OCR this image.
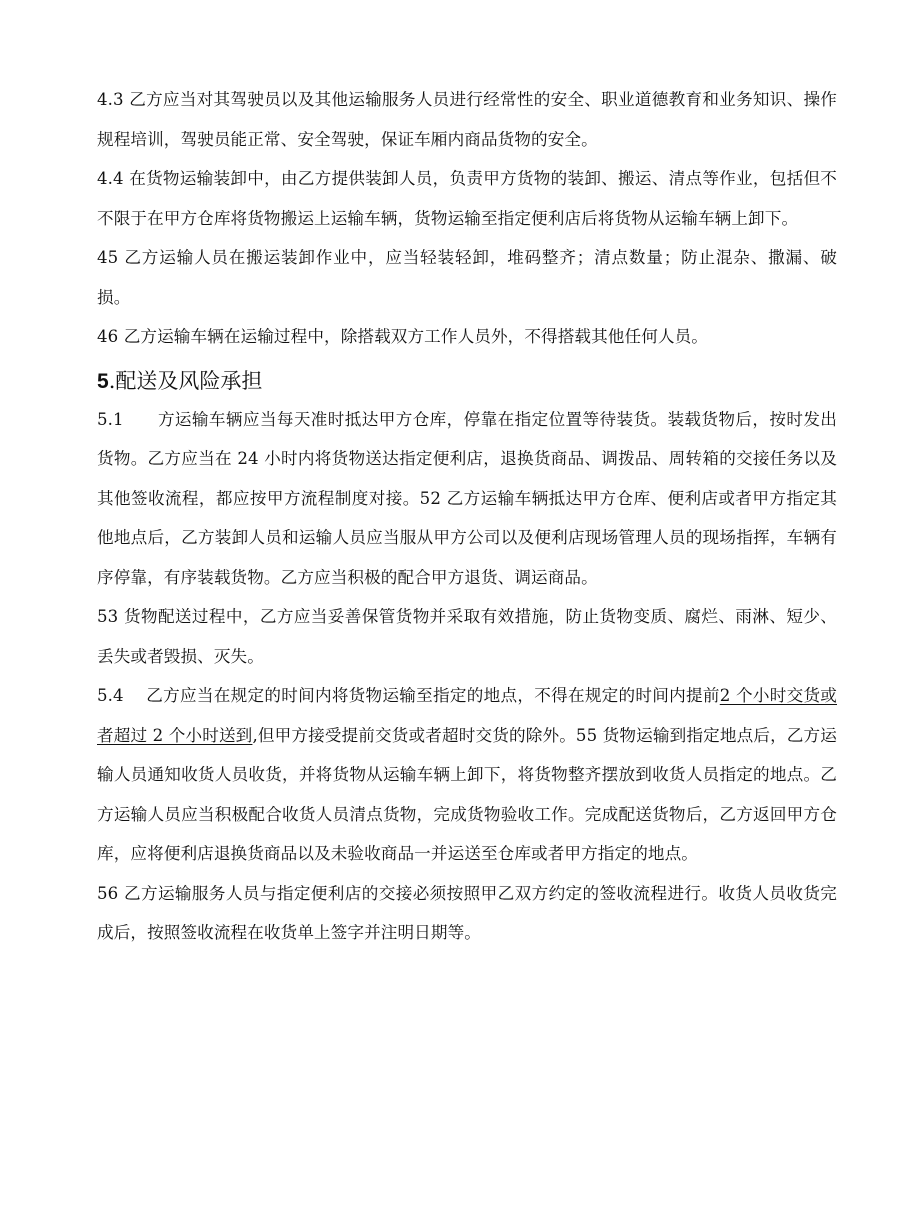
4.3 乙方应当对其驾驶员以及其他运输服务人员进行经常性的安全、职业道德教育和业务知识、操作规程培训，驾驶员能正常、安全驾驶，保证车厢内商品货物的安全。

4.4 在货物运输装卸中，由乙方提供装卸人员，负责甲方货物的装卸、搬运、清点等作业，包括但不不限于在甲方仓库将货物搬运上运输车辆，货物运输至指定便利店后将货物从运输车辆上卸下。

45 乙方运输人员在搬运装卸作业中，应当轻装轻卸，堆码整齐；清点数量；防止混杂、撒漏、破损。

46 乙方运输车辆在运输过程中，除搭载双方工作人员外，不得搭载其他任何人员。

5.配送及风险承担

5.1　　方运输车辆应当每天准时抵达甲方仓库，停靠在指定位置等待装货。装载货物后，按时发出货物。乙方应当在 24 小时内将货物送达指定便利店，退换货商品、调拨品、周转箱的交接任务以及其他签收流程，都应按甲方流程制度对接。52 乙方运输车辆抵达甲方仓库、便利店或者甲方指定其他地点后，乙方装卸人员和运输人员应当服从甲方公司以及便利店现场管理人员的现场指挥，车辆有序停靠，有序装载货物。乙方应当积极的配合甲方退货、调运商品。

53 货物配送过程中，乙方应当妥善保管货物并采取有效措施，防止货物变质、腐烂、雨淋、短少、丢失或者毁损、灭失。

5.4　 乙方应当在规定的时间内将货物运输至指定的地点，不得在规定的时间内提前2 个小时交货或者超过 2 个小时送到,但甲方接受提前交货或者超时交货的除外。55 货物运输到指定地点后，乙方运输人员通知收货人员收货，并将货物从运输车辆上卸下，将货物整齐摆放到收货人员指定的地点。乙方运输人员应当积极配合收货人员清点货物，完成货物验收工作。完成配送货物后，乙方返回甲方仓库，应将便利店退换货商品以及未验收商品一并运送至仓库或者甲方指定的地点。

56 乙方运输服务人员与指定便利店的交接必须按照甲乙双方约定的签收流程进行。收货人员收货完成后，按照签收流程在收货单上签字并注明日期等。
